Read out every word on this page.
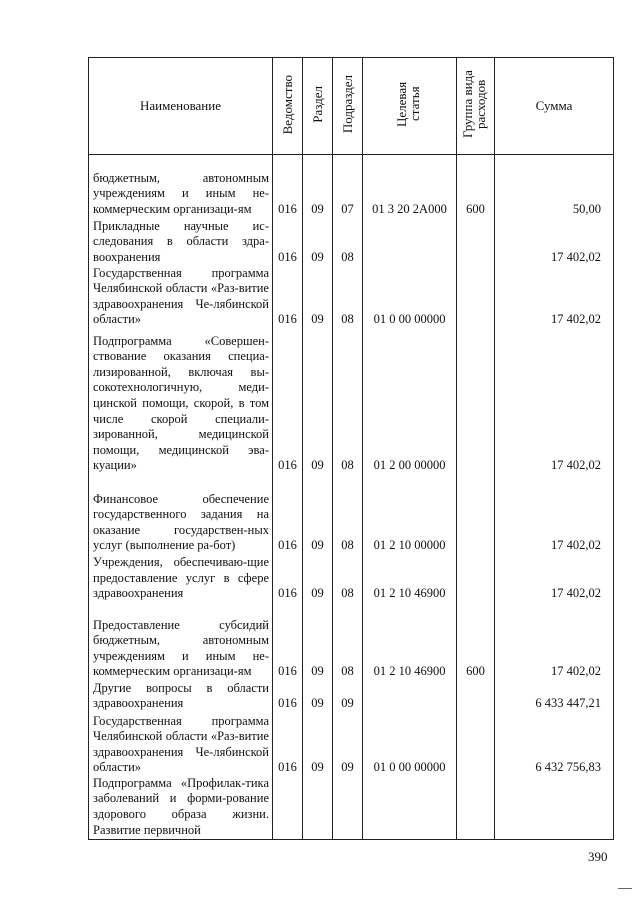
Наименование	Ведомство	Раздел	Подраздел	Целевая статья	Группа вида расходов	Сумма
бюджетным, автономным учреждениям и иным не-коммерческим организаци-ям	016	09	07	01 3 20 2А000	600	50,00
Прикладные научные ис-следования в области здра-воохранения	016	09	08			17 402,02
Государственная программа Челябинской области «Раз-витие здравоохранения Че-лябинской области»	016	09	08	01 0 00 00000		17 402,02
Подпрограмма «Совершен-ствование оказания специа-лизированной, включая вы-сокотехнологичную, меди-цинской помощи, скорой, в том числе скорой специали-зированной, медицинской помощи, медицинской эва-куации»	016	09	08	01 2 00 00000		17 402,02
Финансовое обеспечение государственного задания на оказание государствен-ных услуг (выполнение ра-бот)	016	09	08	01 2 10 00000		17 402,02
Учреждения, обеспечиваю-щие предоставление услуг в сфере здравоохранения	016	09	08	01 2 10 46900		17 402,02
Предоставление субсидий бюджетным, автономным учреждениям и иным не-коммерческим организаци-ям	016	09	08	01 2 10 46900	600	17 402,02
Другие вопросы в области здравоохранения	016	09	09			6 433 447,21
Государственная программа Челябинской области «Раз-витие здравоохранения Че-лябинской области»	016	09	09	01 0 00 00000		6 432 756,83
Подпрограмма «Профилак-тика заболеваний и форми-рование здорового образа жизни. Развитие первичной						
390
